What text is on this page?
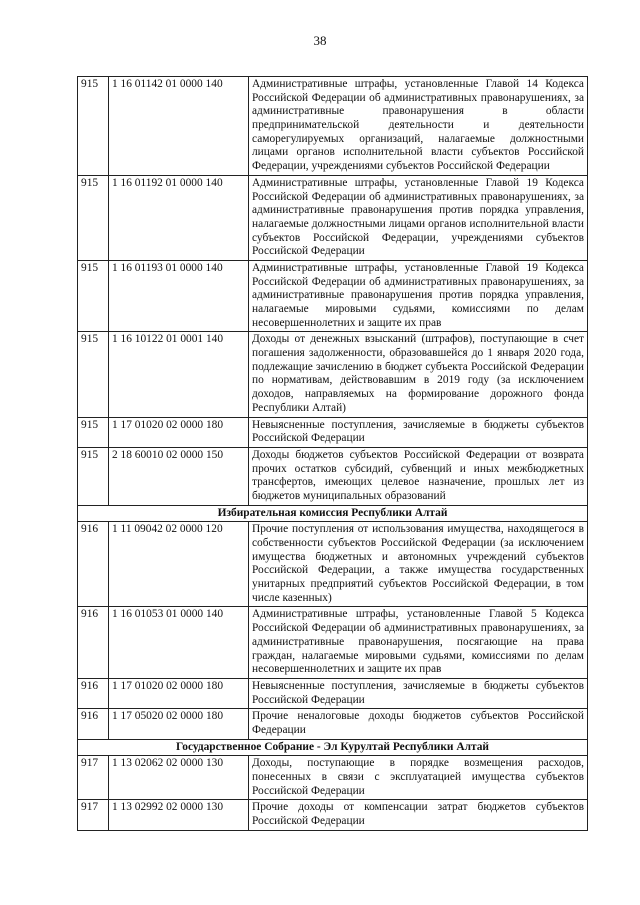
38
915	1 16 01142 01 0000 140	Административные штрафы, установленные Главой 14 Кодекса Российской Федерации об административных правонарушениях, за административные правонарушения в области предпринимательской деятельности и деятельности саморегулируемых организаций, налагаемые должностными лицами органов исполнительной власти субъектов Российской Федерации, учреждениями субъектов Российской Федерации
915	1 16 01192 01 0000 140	Административные штрафы, установленные Главой 19 Кодекса Российской Федерации об административных правонарушениях, за административные правонарушения против порядка управления, налагаемые должностными лицами органов исполнительной власти субъектов Российской Федерации, учреждениями субъектов Российской Федерации
915	1 16 01193 01 0000 140	Административные штрафы, установленные Главой 19 Кодекса Российской Федерации об административных правонарушениях, за административные правонарушения против порядка управления, налагаемые мировыми судьями, комиссиями по делам несовершеннолетних и защите их прав
915	1 16 10122 01 0001 140	Доходы от денежных взысканий (штрафов), поступающие в счет погашения задолженности, образовавшейся до 1 января 2020 года, подлежащие зачислению в бюджет субъекта Российской Федерации по нормативам, действовавшим в 2019 году (за исключением доходов, направляемых на формирование дорожного фонда Республики Алтай)
915	1 17 01020 02 0000 180	Невыясненные поступления, зачисляемые в бюджеты субъектов Российской Федерации
915	2 18 60010 02 0000 150	Доходы бюджетов субъектов Российской Федерации от возврата прочих остатков субсидий, субвенций и иных межбюджетных трансфертов, имеющих целевое назначение, прошлых лет из бюджетов муниципальных образований
Избирательная комиссия Республики Алтай		
916	1 11 09042 02 0000 120	Прочие поступления от использования имущества, находящегося в собственности субъектов Российской Федерации (за исключением имущества бюджетных и автономных учреждений субъектов Российской Федерации, а также имущества государственных унитарных предприятий субъектов Российской Федерации, в том числе казенных)
916	1 16 01053 01 0000 140	Административные штрафы, установленные Главой 5 Кодекса Российской Федерации об административных правонарушениях, за административные правонарушения, посягающие на права граждан, налагаемые мировыми судьями, комиссиями по делам несовершеннолетних и защите их прав
916	1 17 01020 02 0000 180	Невыясненные поступления, зачисляемые в бюджеты субъектов Российской Федерации
916	1 17 05020 02 0000 180	Прочие неналоговые доходы бюджетов субъектов Российской Федерации
Государственное Собрание - Эл Курултай Республики Алтай		
917	1 13 02062 02 0000 130	Доходы, поступающие в порядке возмещения расходов, понесенных в связи с эксплуатацией имущества субъектов Российской Федерации
917	1 13 02992 02 0000 130	Прочие доходы от компенсации затрат бюджетов субъектов Российской Федерации
